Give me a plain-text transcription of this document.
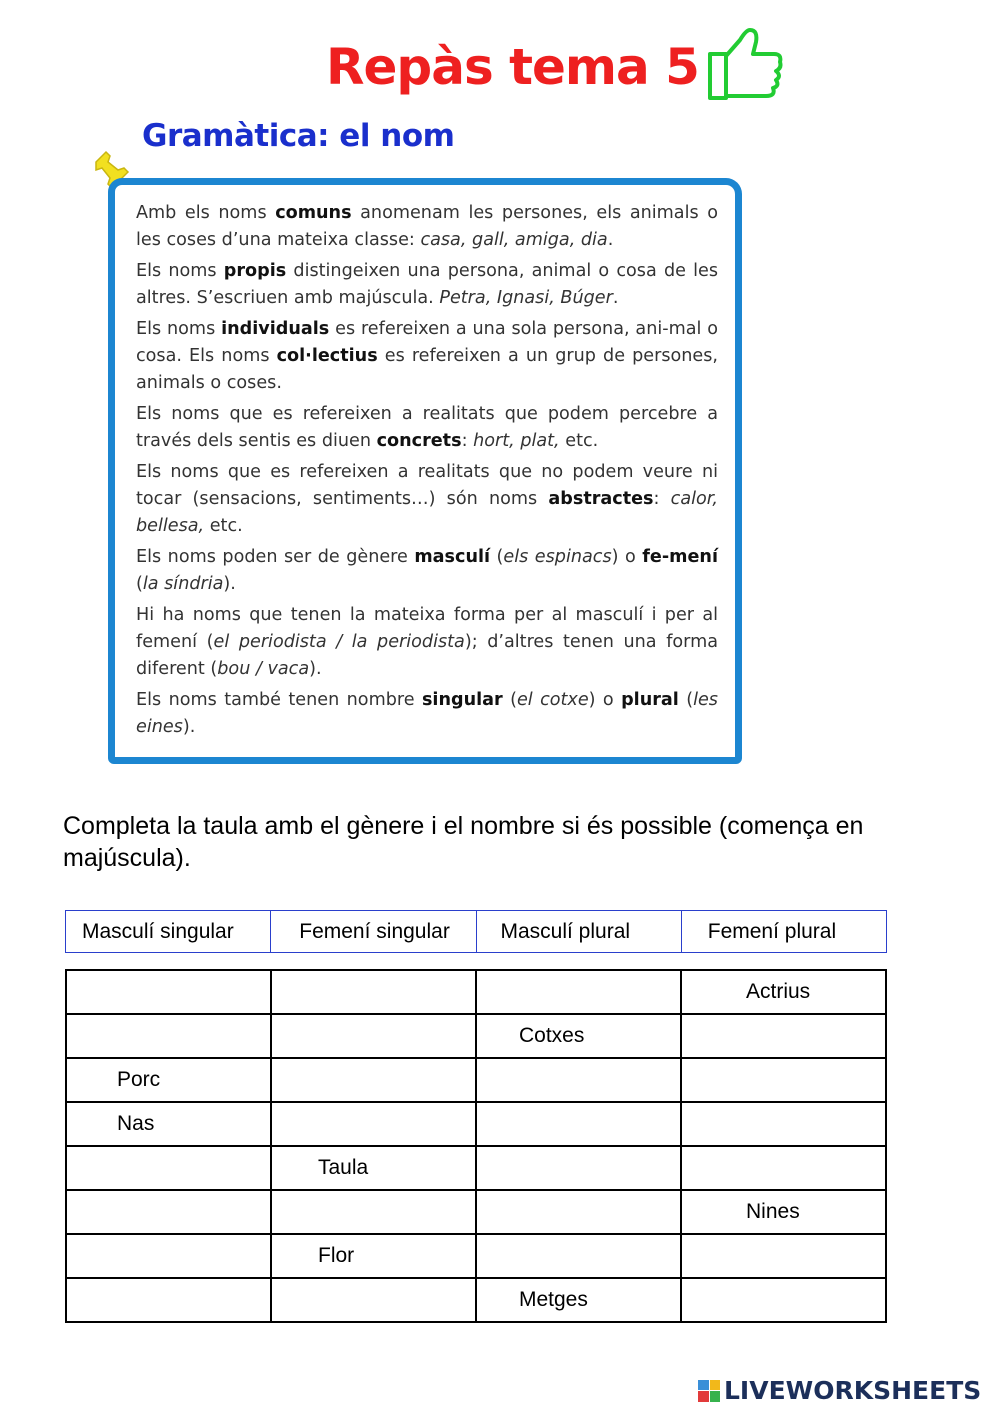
Repàs tema 5
Gramàtica: el nom

Amb els noms comuns anomenam les persones, els animals o les coses d’una mateixa classe: casa, gall, amiga, dia.

Els noms propis distingeixen una persona, animal o cosa de les altres. S’escriuen amb majúscula. Petra, Ignasi, Búger.

Els noms individuals es refereixen a una sola persona, ani-mal o cosa. Els noms col·lectius es refereixen a un grup de persones, animals o coses.

Els noms que es refereixen a realitats que podem percebre a través dels sentis es diuen concrets: hort, plat, etc.

Els noms que es refereixen a realitats que no podem veure ni tocar (sensacions, sentiments…) són noms abstractes: calor, bellesa, etc.

Els noms poden ser de gènere masculí (els espinacs) o fe-mení (la síndria).

Hi ha noms que tenen la mateixa forma per al masculí i per al femení (el periodista / la periodista); d’altres tenen una forma diferent (bou / vaca).

Els noms també tenen nombre singular (el cotxe) o plural (les eines).

Completa la taula amb el gènere i el nombre si és possible (comença en majúscula).
Masculí singular	Femení singular	Masculí plural	Femení plural

			Actrius

		Cotxes	

Porc			

Nas			

	Taula		

			Nines

	Flor		

		Metges	

LIVEWORKSHEETS
